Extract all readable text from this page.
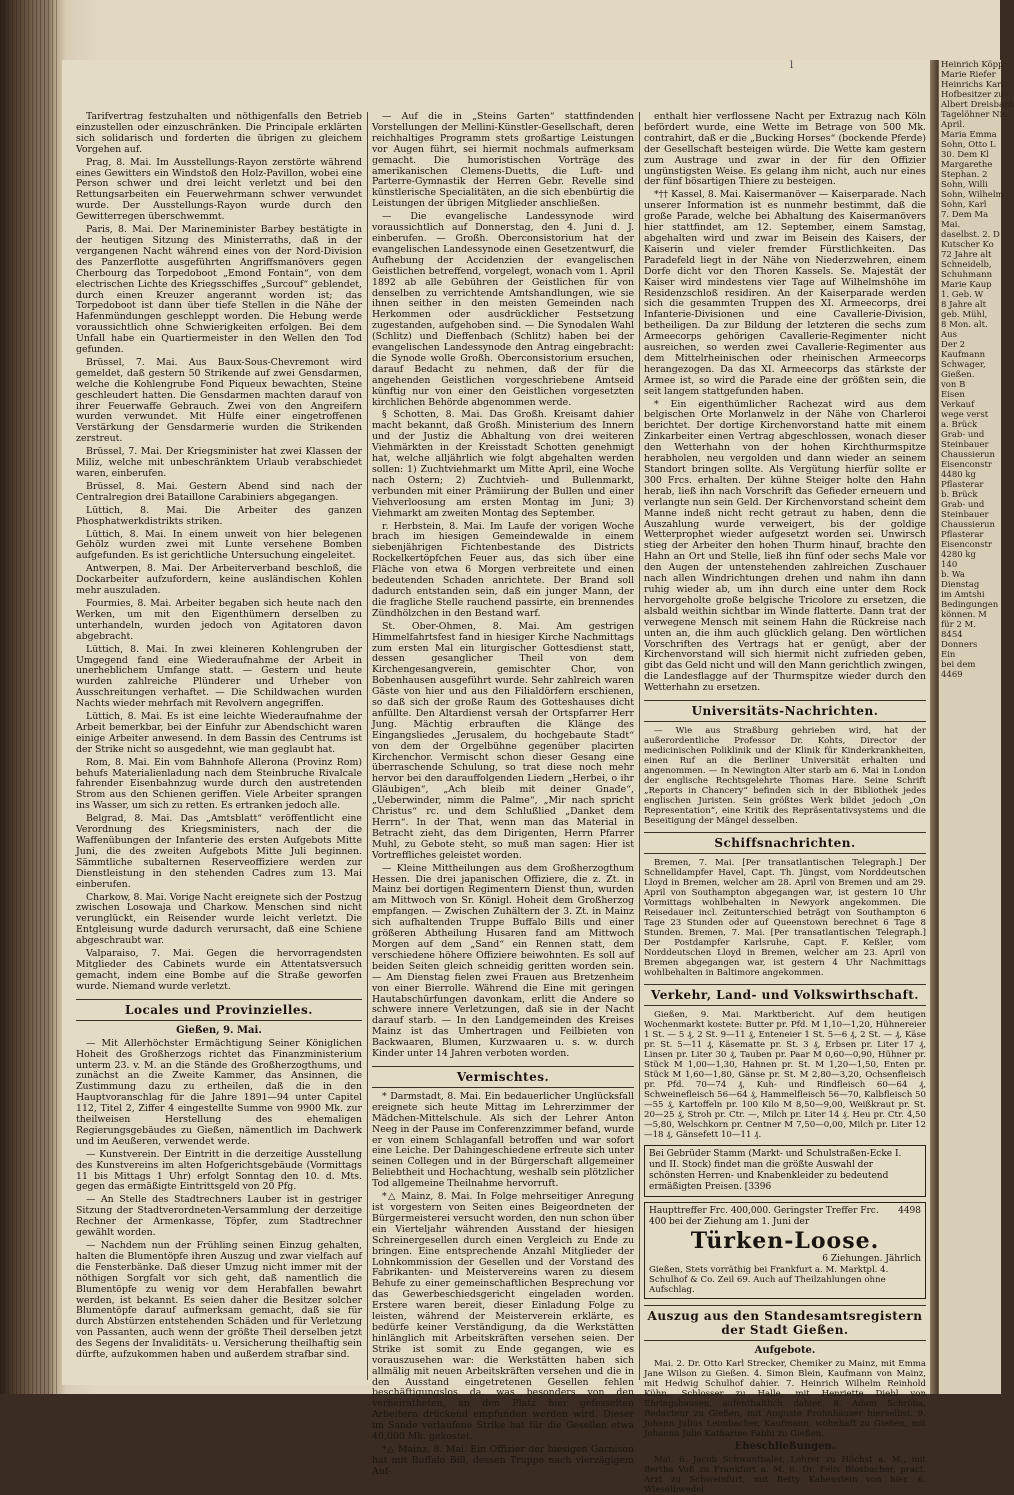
Tarifvertrag festzuhalten und nöthigenfalls den Betrieb einzustellen oder einzuschränken. Die Principale erklärten sich solidarisch und forderten die übrigen zu gleichem Vorgehen auf.

Prag, 8. Mai. Im Ausstellungs-Rayon zerstörte während eines Gewitters ein Windstoß den Holz-Pavillon, wobei eine Person schwer und drei leicht verletzt und bei den Rettungsarbeiten ein Feuerwehrmann schwer verwundet wurde. Der Ausstellungs-Rayon wurde durch den Gewitterregen überschwemmt.

Paris, 8. Mai. Der Marineminister Barbey bestätigte in der heutigen Sitzung des Ministerraths, daß in der vergangenen Nacht während eines von der Nord-Division des Panzerflotte ausgeführten Angriffsmanövers gegen Cherbourg das Torpedoboot „Emond Fontain“, von dem electrischen Lichte des Kriegsschiffes „Surcouf“ geblendet, durch einen Kreuzer angerannt worden ist; das Torpedoboot ist dann über tiefe Stellen in die Nähe der Hafenmündungen geschleppt worden. Die Hebung werde voraussichtlich ohne Schwierigkeiten erfolgen. Bei dem Unfall habe ein Quartiermeister in den Wellen den Tod gefunden.

Brüssel, 7. Mai. Aus Baux-Sous-Chevremont wird gemeldet, daß gestern 50 Strikende auf zwei Gensdarmen, welche die Kohlengrube Fond Piqueux bewachten, Steine geschleudert hatten. Die Gensdarmen machten darauf von ihrer Feuerwaffe Gebrauch. Zwei von den Angreifern wurden verwundet. Mit Hülfe einer eingetroffenen Verstärkung der Gensdarmerie wurden die Strikenden zerstreut.

Brüssel, 7. Mai. Der Kriegsminister hat zwei Klassen der Miliz, welche mit unbeschränktem Urlaub verabschiedet waren, einberufen.

Brüssel, 8. Mai. Gestern Abend sind nach der Centralregion drei Bataillone Carabiniers abgegangen.

Lüttich, 8. Mai. Die Arbeiter des ganzen Phosphatwerkdistrikts striken.

Lüttich, 8. Mai. In einem unweit von hier belegenen Gehölz wurden zwei mit Lunte versehene Bomben aufgefunden. Es ist gerichtliche Untersuchung eingeleitet.

Antwerpen, 8. Mai. Der Arbeiterverband beschloß, die Dockarbeiter aufzufordern, keine ausländischen Kohlen mehr auszuladen.

Fourmies, 8. Mai. Arbeiter begaben sich heute nach den Werken, um mit den Eigenthümern derselben zu unterhandeln, wurden jedoch von Agitatoren davon abgebracht.

Lüttich, 8. Mai. In zwei kleineren Kohlengruben der Umgegend fand eine Wiederaufnahme der Arbeit in unerheblichem Umfange statt. — Gestern und heute wurden zahlreiche Plünderer und Urheber von Ausschreitungen verhaftet. — Die Schildwachen wurden Nachts wieder mehrfach mit Revolvern angegriffen.

Lüttich, 8. Mai. Es ist eine leichte Wiederaufnahme der Arbeit bemerkbar, bei der Einfuhr zur Abendschicht waren einige Arbeiter anwesend. In dem Bassin des Centrums ist der Strike nicht so ausgedehnt, wie man geglaubt hat.

Rom, 8. Mai. Ein vom Bahnhofe Allerona (Provinz Rom) behufs Materialienladung nach dem Steinbruche Rivalcale fahrender Eisenbahnzug wurde durch den austretenden Strom aus den Schienen geriffen. Viele Arbeiter sprangen ins Wasser, um sich zu retten. Es ertranken jedoch alle.

Belgrad, 8. Mai. Das „Amtsblatt“ veröffentlicht eine Verordnung des Kriegsministers, nach der die Waffenübungen der Infanterie des ersten Aufgebots Mitte Juni, die des zweiten Aufgebots Mitte Juli beginnen. Sämmtliche subalternen Reserveoffiziere werden zur Dienstleistung in den stehenden Cadres zum 13. Mai einberufen.

Charkow, 8. Mai. Vorige Nacht ereignete sich der Postzug zwischen Losowaja und Charkow. Menschen sind nicht verunglückt, ein Reisender wurde leicht verletzt. Die Entgleisung wurde dadurch verursacht, daß eine Schiene abgeschraubt war.

Valparaiso, 7. Mai. Gegen die hervorragendsten Mitglieder des Cabinets wurde ein Attentatsversuch gemacht, indem eine Bombe auf die Straße geworfen wurde. Niemand wurde verletzt.

Locales und Provinzielles.
Gießen, 9. Mai.

— Mit Allerhöchster Ermächtigung Seiner Königlichen Hoheit des Großherzogs richtet das Finanzministerium unterm 23. v. M. an die Stände des Großherzogthums, und zunächst an die Zweite Kammer, das Ansinnen, die Zustimmung dazu zu ertheilen, daß die in den Hauptvoranschlag für die Jahre 1891—94 unter Capitel 112, Titel 2, Ziffer 4 eingestellte Summe von 9900 Mk. zur theilweisen Herstellung des ehemaligen Regierungsgebäudes zu Gießen, nämentlich im Dachwerk und im Aeußeren, verwendet werde.

— Kunstverein. Der Eintritt in die derzeitige Ausstellung des Kunstvereins im alten Hofgerichtsgebäude (Vormittags 11 bis Mittags 1 Uhr) erfolgt Sonntag den 10. d. Mts. gegen das ermäßigte Eintrittsgeld von 20 Pfg.

— An Stelle des Stadtrechners Lauber ist in gestriger Sitzung der Stadtverordneten-Versammlung der derzeitige Rechner der Armenkasse, Töpfer, zum Stadtrechner gewählt worden.

— Nachdem nun der Frühling seinen Einzug gehalten, halten die Blumentöpfe ihren Auszug und zwar vielfach auf die Fensterbänke. Daß dieser Umzug nicht immer mit der nöthigen Sorgfalt vor sich geht, daß namentlich die Blumentöpfe zu wenig vor dem Herabfallen bewahrt werden, ist bekannt. Es seien daher die Besitzer solcher Blumentöpfe darauf aufmerksam gemacht, daß sie für durch Abstürzen entstehenden Schäden und für Verletzung von Passanten, auch wenn der größte Theil derselben jetzt des Segens der Invaliditäts- u. Versicherung theilhaftig sein dürfte, aufzukommen haben und außerdem strafbar sind.

— Auf die in „Steins Garten“ stattfindenden Vorstellungen der Mellini-Künstler-Gesellschaft, deren reichhaltiges Programm stets großartige Leistungen vor Augen führt, sei hiermit nochmals aufmerksam gemacht. Die humoristischen Vorträge des amerikanischen Clemens-Duetts, die Luft- und Parterre-Gymnastik der Herren Gebr. Revelle sind künstlerische Specialitäten, an die sich ebenbürtig die Leistungen der übrigen Mitglieder anschließen.

— Die evangelische Landessynode wird voraussichtlich auf Donnerstag, den 4. Juni d. J. einberufen. — Großh. Oberconsistorium hat der evangelischen Landessynode einen Gesetzentwurf, die Aufhebung der Accidenzien der evangelischen Geistlichen betreffend, vorgelegt, wonach vom 1. April 1892 ab alle Gebühren der Geistlichen für von denselben zu verrichtende Amtshandlungen, wie sie ihnen seither in den meisten Gemeinden nach Herkommen oder ausdrücklicher Festsetzung zugestanden, aufgehoben sind. — Die Synodalen Wahl (Schlitz) und Dieffenbach (Schlitz) haben bei der evangelischen Landessynode den Antrag eingebracht: die Synode wolle Großh. Oberconsistorium ersuchen, darauf Bedacht zu nehmen, daß der für die angehenden Geistlichen vorgeschriebene Amtseid künftig nur von einer den Geistlichen vorgesetzten kirchlichen Behörde abgenommen werde.

§ Schotten, 8. Mai. Das Großh. Kreisamt dahier macht bekannt, daß Großh. Ministerium des Innern und der Justiz die Abhaltung von drei weiteren Viehmärkten in der Kreisstadt Schotten genehmigt hat, welche alljährlich wie folgt abgehalten werden sollen: 1) Zuchtviehmarkt um Mitte April, eine Woche nach Ostern; 2) Zuchtvieh- und Bullenmarkt, verbunden mit einer Prämiirung der Bullen und einer Viehverloosung am ersten Montag im Juni; 3) Viehmarkt am zweiten Montag des September.

r. Herbstein, 8. Mai. Im Laufe der vorigen Woche brach im hiesigen Gemeindewalde in einem siebenjährigen Fichtenbestande des Districts Rockelkertöpfchen Feuer aus, das sich über eine Fläche von etwa 6 Morgen verbreitete und einen bedeutenden Schaden anrichtete. Der Brand soll dadurch entstanden sein, daß ein junger Mann, der die fragliche Stelle rauchend passirte, ein brennendes Zündhölzchen in den Bestand warf.

St. Ober-Ohmen, 8. Mai. Am gestrigen Himmelfahrtsfest fand in hiesiger Kirche Nachmittags zum ersten Mal ein liturgischer Gottesdienst statt, dessen gesanglicher Theil von dem Kirchengesangverein, gemischter Chor, von Bobenhausen ausgeführt wurde. Sehr zahlreich waren Gäste von hier und aus den Filialdörfern erschienen, so daß sich der große Raum des Gotteshauses dicht anfüllte. Den Altardienst versah der Ortspfarrer Herr Jung. Mächtig erbrauften die Klänge des Eingangsliedes „Jerusalem, du hochgebaute Stadt“ von dem der Orgelbühne gegenüber placirten Kirchenchor. Vermischt schon dieser Gesang eine überraschende Schulung, so trat diese noch mehr hervor bei den darauffolgenden Liedern „Herbei, o ihr Gläubigen“, „Ach bleib mit deiner Gnade“, „Ueberwinder, nimm die Palme“, „Mir nach spricht Christus“ rc. und dem Schlußlied „Danket dem Herrn“. In der That, wenn man das Material in Betracht zieht, das dem Dirigenten, Herrn Pfarrer Muhl, zu Gebote steht, so muß man sagen: Hier ist Vortreffliches geleistet worden.

— Kleine Mittheilungen aus dem Großherzogthum Hessen. Die drei japanischen Offiziere, die z. Zt. in Mainz bei dortigen Regimentern Dienst thun, wurden am Mittwoch von Sr. Königl. Hoheit dem Großherzog empfangen. — Zwischen Zuhältern der 3. Zt. in Mainz sich aufhaltenden Truppe Buffalo Bills und einer größeren Abtheilung Husaren fand am Mittwoch Morgen auf dem „Sand“ ein Rennen statt, dem verschiedene höhere Offiziere beiwohnten. Es soll auf beiden Seiten gleich schneidig geritten worden sein. — Am Dienstag fielen zwei Frauen aus Bretzenheim von einer Bierrolle. Während die Eine mit geringen Hautabschürfungen davonkam, erlitt die Andere so schwere innere Verletzungen, daß sie in der Nacht darauf starb. — In den Landgemeinden des Kreises Mainz ist das Umhertragen und Feilbieten von Backwaaren, Blumen, Kurzwaaren u. s. w. durch Kinder unter 14 Jahren verboten worden.

Vermischtes.

* Darmstadt, 8. Mai. Ein bedauerlicher Unglücksfall ereignete sich heute Mittag im Lehrerzimmer der Mädchen-Mittelschule. Als sich der Lehrer Anton Neeg in der Pause im Conferenzzimmer befand, wurde er von einem Schlaganfall betroffen und war sofort eine Leiche. Der Dahingeschiedene erfreute sich unter seinen Collegen und in der Bürgerschaft allgemeiner Beliebtheit und Hochachtung, weshalb sein plötzlicher Tod allgemeine Theilnahme hervorruft.

*△ Mainz, 8. Mai. In Folge mehrseitiger Anregung ist vorgestern von Seiten eines Beigeordneten der Bürgermeisterei versucht worden, den nun schon über ein Vierteljahr währenden Ausstand der hiesigen Schreinergesellen durch einen Vergleich zu Ende zu bringen. Eine entsprechende Anzahl Mitglieder der Lohnkommission der Gesellen und der Vorstand des Fabrikanten- und Meistervereins waren zu diesem Behufe zu einer gemeinschaftlichen Besprechung vor das Gewerbeschiedsgericht eingeladen worden. Erstere waren bereit, dieser Einladung Folge zu leisten, während der Meisterverein erklärte, es bedürfe keiner Verständigung, da die Werkstätten hinlänglich mit Arbeitskräften versehen seien. Der Strike ist somit zu Ende gegangen, wie es vorauszusehen war: die Werkstätten haben sich allmälig mit neuen Arbeitskräften versehen und die in den Ausstand eingetretenen Gesellen fehlen beschäftigungslos da, was besonders von den verheiratheten, an den Platz hier gefesselten Arbeitern drückend empfunden werden wird. Dieser im Sande verlaufene Strike hat für die Gesellen etwa 40,000 Mk. gekostet.

*△ Mainz, 8. Mai. Ein Offizier der hiesigen Garnison hat mit Buffalo Bill, dessen Truppe nach vierzägigem Auf-

enthalt hier verflossene Nacht per Extrazug nach Köln befördert wurde, eine Wette im Betrage von 500 Mk. contrahirt, daß er die „Bucking Horses“ (bockende Pferde) der Gesellschaft besteigen würde. Die Wette kam gestern zum Austrage und zwar in der für den Offizier ungünstigsten Weise. Es gelang ihm nicht, auch nur eines der fünf bösartigen Thiere zu besteigen.

*†† Kassel, 8. Mai. Kaisermanöver — Kaiserparade. Nach unserer Information ist es nunmehr bestimmt, daß die große Parade, welche bei Abhaltung des Kaisermanövers hier stattfindet, am 12. September, einem Samstag, abgehalten wird und zwar im Beisein des Kaisers, der Kaiserin und vieler fremder Fürstlichkeiten. Das Paradefeld liegt in der Nähe von Niederzwehren, einem Dorfe dicht vor den Thoren Kassels. Se. Majestät der Kaiser wird mindestens vier Tage auf Wilhelmshöhe im Residenzschloß residiren. An der Kaiserparade werden sich die gesammten Truppen des XI. Armeecorps, drei Infanterie-Divisionen und eine Cavallerie-Division, betheiligen. Da zur Bildung der letzteren die sechs zum Armeecorps gehörigen Cavallerie-Regimenter nicht ausreichen, so werden zwei Cavallerie-Regimenter aus dem Mittelrheinischen oder rheinischen Armeecorps herangezogen. Da das XI. Armeecorps das stärkste der Armee ist, so wird die Parade eine der größten sein, die seit langem stattgefunden haben.

* Ein eigenthümlicher Rachezat wird aus dem belgischen Orte Morlanwelz in der Nähe von Charleroi berichtet. Der dortige Kirchenvorstand hatte mit einem Zinkarbeiter einen Vertrag abgeschlossen, wonach dieser den Wetterhahn von der hohen Kirchthurmspitze herabholen, neu vergolden und dann wieder an seinem Standort bringen sollte. Als Vergütung hierfür sollte er 300 Frcs. erhalten. Der kühne Steiger holte den Hahn herab, ließ ihn nach Vorschrift das Gefieder erneuern und verlangte nun sein Geld. Der Kirchenvorstand scheint dem Manne indeß nicht recht getraut zu haben, denn die Auszahlung wurde verweigert, bis der goldige Wetterprophet wieder aufgesetzt worden sei. Unwirsch stieg der Arbeiter den hohen Thurm hinauf, brachte den Hahn an Ort und Stelle, ließ ihn fünf oder sechs Male vor den Augen der untenstehenden zahlreichen Zuschauer nach allen Windrichtungen drehen und nahm ihn dann ruhig wieder ab, um ihn durch eine unter dem Rock hervorgeholte große belgische Tricolore zu ersetzen, die alsbald weithin sichtbar im Winde flatterte. Dann trat der verwegene Mensch mit seinem Hahn die Rückreise nach unten an, die ihm auch glücklich gelang. Den wörtlichen Vorschriften des Vertrags hat er genügt, aber der Kirchenvorstand will sich hiermit nicht zufrieden geben, gibt das Geld nicht und will den Mann gerichtlich zwingen, die Landesflagge auf der Thurmspitze wieder durch den Wetterhahn zu ersetzen.

Universitäts-Nachrichten.

— Wie aus Straßburg gehrieben wird, hat der außerordentliche Professor Dr. Kohts, Director der medicinischen Poliklinik und der Klinik für Kinderkrankheiten, einen Ruf an die Berliner Universität erhalten und angenommen. — In Newington Alter starb am 6. Mai in London der englische Rechtsgelehrte Thomas Hare. Seine Schrift „Reports in Chancery“ befinden sich in der Bibliothek jedes englischen Juristen. Sein größtes Werk bildet jedoch „On Representation“, eine Kritik des Repräsentativsystems und die Beseitigung der Mängel desselben.

Schiffsnachrichten.

Bremen, 7. Mai. [Per transatlantischen Telegraph.] Der Schnelldampfer Havel, Capt. Th. Jüngst, vom Norddeutschen Lloyd in Bremen, welcher am 28. April von Bremen und am 29. April von Southampton abgegangen war, ist gestern 10 Uhr Vormittags wohlbehalten in Newyork angekommen. Die Reisedauer incl. Zeitunterschied beträgt von Southampton 6 Tage 23 Stunden oder auf Queenstown berechnet 6 Tage 8 Stunden. Bremen, 7. Mai. [Per transatlantischen Telegraph.] Der Postdampfer Karlsruhe, Capt. F. Keßler, vom Norddeutschen Lloyd in Bremen, welcher am 23. April von Bremen abgegangen war, ist gestern 4 Uhr Nachmittags wohlbehalten in Baltimore angekommen.

Verkehr, Land- und Volkswirthschaft.

Gießen, 9. Mai. Marktbericht. Auf dem heutigen Wochenmarkt kostete: Butter pr. Pfd. M 1,10—1,20, Hühnereier 1 St. — 5 ₰, 2 St. 9—11 ₰, Enteneier 1 St. 5—6 ₰, 2 St. — ₰, Käse pr. St. 5—11 ₰, Käsematte pr. St. 3 ₰, Erbsen pr. Liter 17 ₰, Linsen pr. Liter 30 ₰, Tauben pr. Paar M 0,60—0,90, Hühner pr. Stück M 1,00—1,30, Hahnen pr. St. M 1,20—1,50, Enten pr. Stück M 1,60—1,80, Gänse pr. St. M 2,80—3,20, Ochsenfleisch pr. Pfd. 70—74 ₰, Kuh- und Rindfleisch 60—64 ₰, Schweinefleisch 56—64 ₰, Hammelfleisch 56—70, Kalbfleisch 50—55 ₰, Kartoffeln pr. 100 Kilo M 8,50—9,00, Weißkraut pr. St. 20—25 ₰, Stroh pr. Ctr. —, Milch pr. Liter 14 ₰. Heu pr. Ctr. 4,50—5,80, Welschkorn pr. Centner M 7,50—0,00, Milch pr. Liter 12—18 ₰, Gänsefett 10—11 ₰.

Bei Gebrüder Stamm (Markt- und Schulstraßen-Ecke I. und II. Stock) findet man die größte Auswahl der schönsten Herren- und Knabenkleider zu bedeutend ermäßigten Preisen. [3396
Haupttreffer Frc. 400,000. Geringster Treffer Frc. 400 bei der Ziehung am 1. Juni der
4498
Türken-Loose.
6 Ziehungen. Jährlich
Gießen, Stets vorräthig bei Frankfurt a. M. Marktpl. 4. Schulhof & Co. Zeil 69. Auch auf Theilzahlungen ohne Aufschlag.
Auszug aus den Standesamtsregistern der Stadt Gießen.
Aufgebote.

Mai. 2. Dr. Otto Karl Strecker, Chemiker zu Mainz, mit Emma Jane Wilson zu Gießen. 4. Simon Blein, Kaufmann von Mainz, mit Hedwig Schulhof dahier. 7. Heinrich Wilhelm Reinhold Kühn, Schlosser zu Halle, mit Henriette Diehl von Ehringshausen, aufenthaltlich dahier. 8. Adam Schröba, Redacteur zu Gießen, mit Auguste Frohnhäuser hierselbst. 9. Johann Julius Leimbacher, Kaufmann, wohnhaft zu Gießen, mit Johanna Julie Katharine Fabbi zu Gießen.

Eheschließungen.

Mai. 6. Jacob Schwantbaler, Lehrer zu Höchst a. M., mit Bertha Voß zu Frankfurt a. M. 6. Dr. Felix Blosbacher, pract. Arzt zu Schweinfurt, mit Betty Kahenstein von hier. 6. Wieselbwedel

l	Heinrich Köpp

Marie Riefer

Heinrichs Karl

Hofbesitzer zu

Albert Dreisbach

Tagelöhner Nie

April.

Maria Emma

Sohn, Otto L

30. Dem Kl

Margarethe

Stephan. 2

Sohn, Willi

Sohn, Wilhelm

Sohn, Karl

7. Dem Ma

Mai.

daselbst. 2. D

Kutscher Ko

72 Jahre alt

Schneidelb,

Schuhmann

Marie Kaup

1. Geb. W

8 Jahre alt

geb. Mühl,

8 Mon. alt.

Aus

Der 2

Kaufmann

Schwager,

Gießen.

von B

Eisen

Verkauf

wege verst

a. Brück

Grab- und

Steinbauer

Chaussierun

Eisenconstr

4480 kg

Pflasterar

b. Brück

Grab- und

Steinbauer

Chaussierun

Pflasterar

Eisenconstr

4280 kg

140

b. Wa

Dienstag

im Amtshi

Bedingungen

können. M

für 2 M.

8454

Donners

Ein

bei dem

4469
